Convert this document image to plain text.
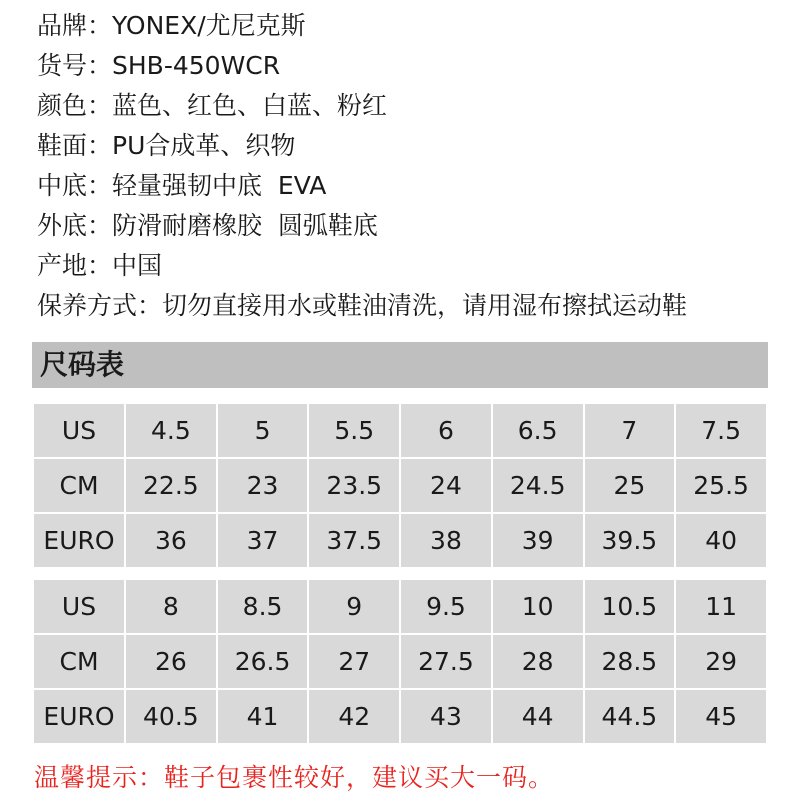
品牌：YONEX/尤尼克斯
货号：SHB-450WCR
颜色：蓝色、红色、白蓝、粉红
鞋面：PU合成革、织物
中底：轻量强韧中底  EVA
外底：防滑耐磨橡胶  圆弧鞋底
产地：中国
保养方式：切勿直接用水或鞋油清洗，请用湿布擦拭运动鞋
尺码表
US	4.5	5	5.5	6	6.5	7	7.5
CM	22.5	23	23.5	24	24.5	25	25.5
EURO	36	37	37.5	38	39	39.5	40
US	8	8.5	9	9.5	10	10.5	11
CM	26	26.5	27	27.5	28	28.5	29
EURO	40.5	41	42	43	44	44.5	45
温馨提示：鞋子包裹性较好，建议买大一码。
